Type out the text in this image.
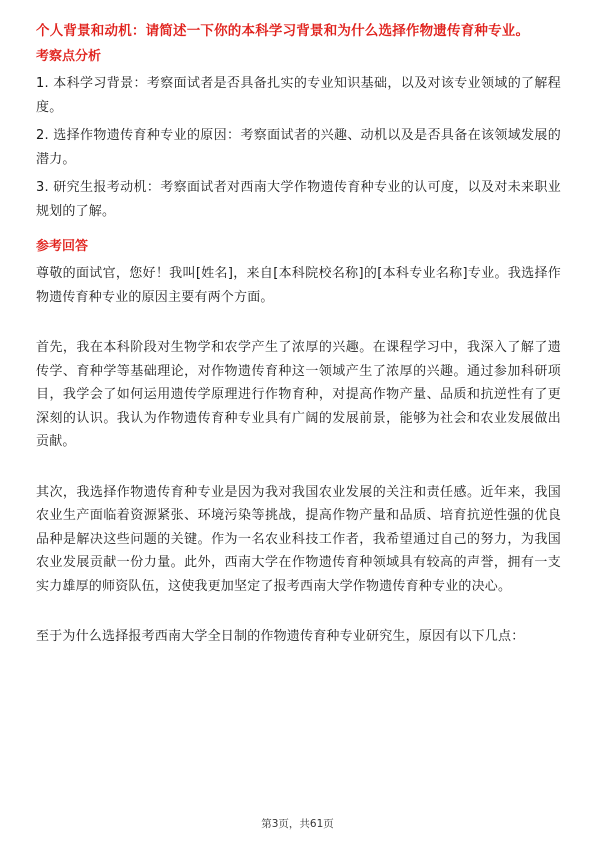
个人背景和动机：请简述一下你的本科学习背景和为什么选择作物遗传育种专业。

考察点分析

1. 本科学习背景：考察面试者是否具备扎实的专业知识基础，以及对该专业领域的了解程度。

2. 选择作物遗传育种专业的原因：考察面试者的兴趣、动机以及是否具备在该领域发展的潜力。

3. 研究生报考动机：考察面试者对西南大学作物遗传育种专业的认可度，以及对未来职业规划的了解。

参考回答

尊敬的面试官，您好！我叫[姓名]，来自[本科院校名称]的[本科专业名称]专业。我选择作物遗传育种专业的原因主要有两个方面。

首先，我在本科阶段对生物学和农学产生了浓厚的兴趣。在课程学习中，我深入了解了遗传学、育种学等基础理论，对作物遗传育种这一领域产生了浓厚的兴趣。通过参加科研项目，我学会了如何运用遗传学原理进行作物育种，对提高作物产量、品质和抗逆性有了更深刻的认识。我认为作物遗传育种专业具有广阔的发展前景，能够为社会和农业发展做出贡献。

其次，我选择作物遗传育种专业是因为我对我国农业发展的关注和责任感。近年来，我国农业生产面临着资源紧张、环境污染等挑战，提高作物产量和品质、培育抗逆性强的优良品种是解决这些问题的关键。作为一名农业科技工作者，我希望通过自己的努力，为我国农业发展贡献一份力量。此外，西南大学在作物遗传育种领域具有较高的声誉，拥有一支实力雄厚的师资队伍，这使我更加坚定了报考西南大学作物遗传育种专业的决心。

至于为什么选择报考西南大学全日制的作物遗传育种专业研究生，原因有以下几点：

第3页，共61页
